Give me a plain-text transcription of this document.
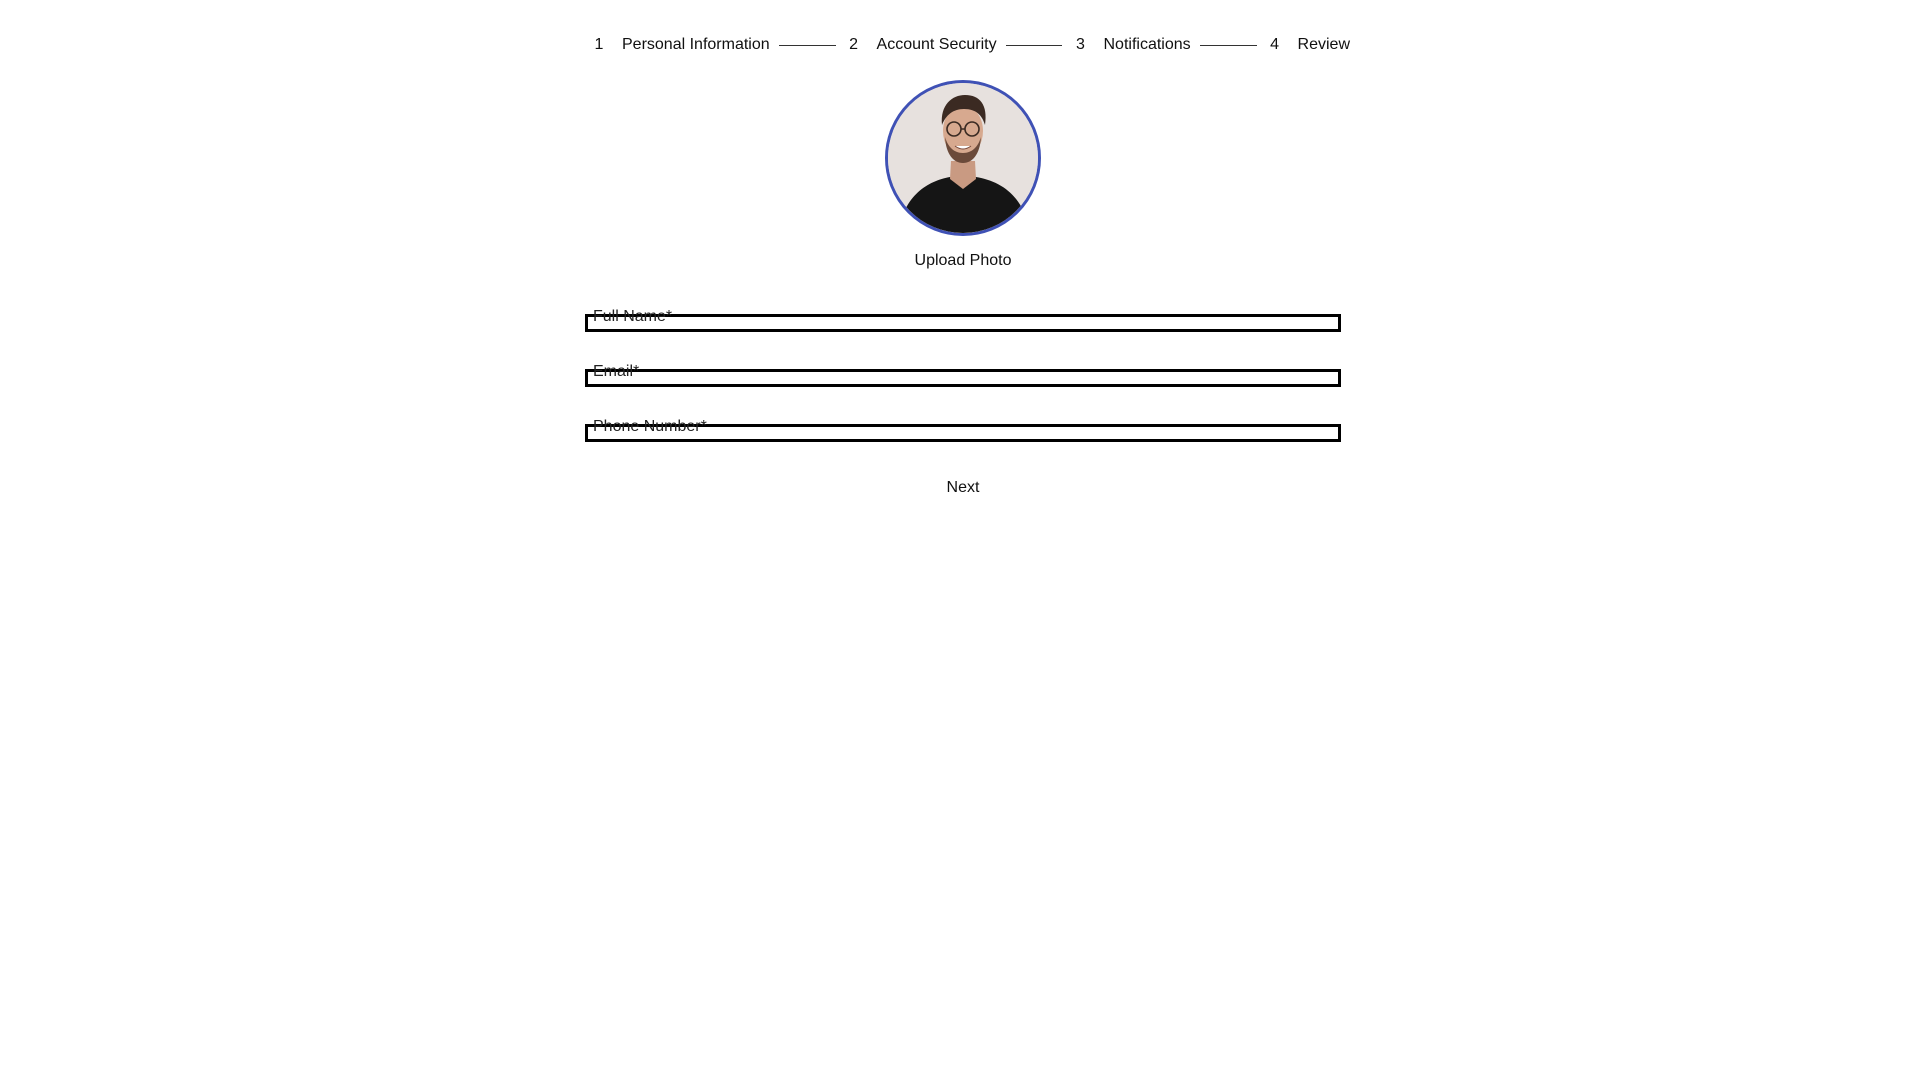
1 Personal Information	2 Account Security	3 Notifications	4 Review
Upload Photo
Full Name*
Email*
Phone Number*
Next
